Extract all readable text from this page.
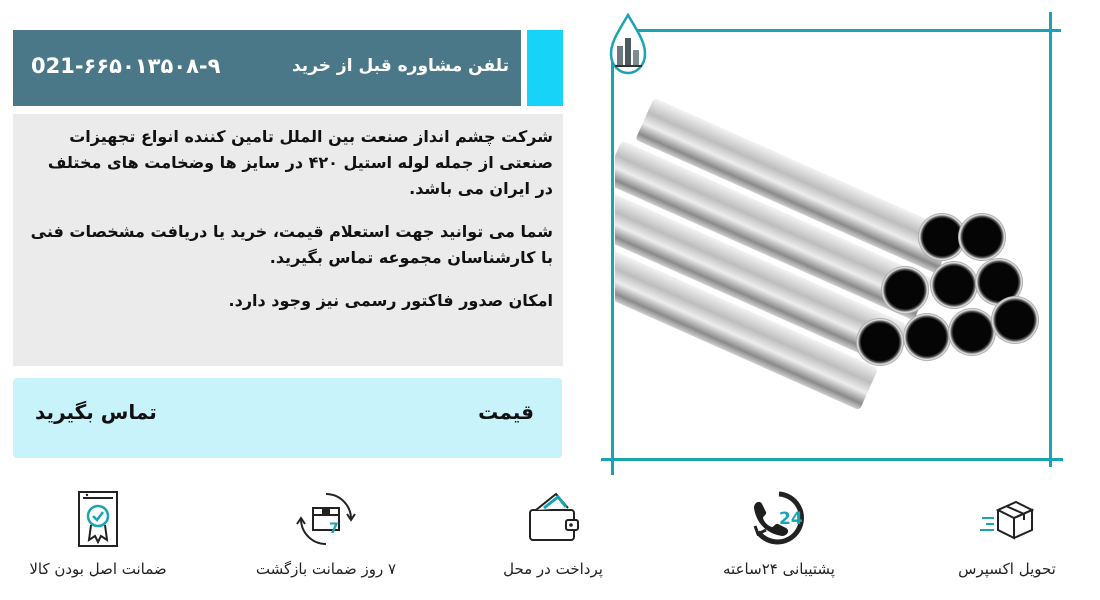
021-۶۶۵۰۱۳۵۰۸-۹	تلفن مشاوره قبل از خرید

شرکت چشم انداز صنعت بین الملل تامین کننده انواع تجهیزات صنعتی از جمله لوله استیل ۴۲۰ در سایز ها وضخامت های مختلف در ایران می باشد.

شما می توانید جهت استعلام قیمت، خرید یا دریافت مشخصات فنی با کارشناسان مجموعه تماس بگیرید.

امکان صدور فاکتور رسمی نیز وجود دارد.

قیمت
تماس بگیرید
تحویل اکسپرس
24
پشتیبانی ۲۴ساعته
پرداخت در محل
7
۷ روز ضمانت بازگشت
ضمانت اصل بودن کالا
